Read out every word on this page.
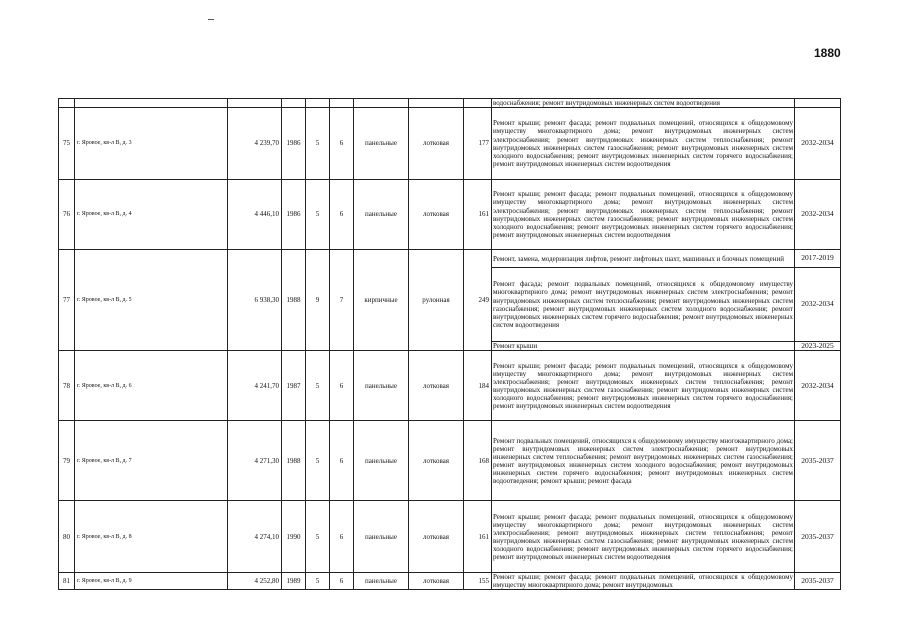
1880
									водоснабжения; ремонт внутридомовых инженерных систем водоотведения	
75	г. Яровое, кв-л В, д. 3	4 239,70	1986	5	6	панельные	лотковая	177	Ремонт крыши; ремонт фасада; ремонт подвальных помещений, относящихся к общедомовому имуществу многоквартирного дома; ремонт внутридомовых инженерных систем электроснабжения; ремонт внутридомовых инженерных систем теплоснабжения; ремонт внутридомовых инженерных систем газоснабжения; ремонт внутридомовых инженерных систем холодного водоснабжения; ремонт внутридомовых инженерных систем горячего водоснабжения; ремонт внутридомовых инженерных систем водоотведения	2032-2034
76	г. Яровое, кв-л В, д. 4	4 446,10	1986	5	6	панельные	лотковая	161	Ремонт крыши; ремонт фасада; ремонт подвальных помещений, относящихся к общедомовому имуществу многоквартирного дома; ремонт внутридомовых инженерных систем электроснабжения; ремонт внутридомовых инженерных систем теплоснабжения; ремонт внутридомовых инженерных систем газоснабжения; ремонт внутридомовых инженерных систем холодного водоснабжения; ремонт внутридомовых инженерных систем горячего водоснабжения; ремонт внутридомовых инженерных систем водоотведения	2032-2034
77	г. Яровое, кв-л В, д. 5	6 938,30	1988	9	7	кирпичные	рулонная	249	Ремонт, замена, модернизация лифтов, ремонт лифтовых шахт, машинных и блочных помещений	2017-2019
									Ремонт фасада; ремонт подвальных помещений, относящихся к общедомовому имуществу многоквартирного дома; ремонт внутридомовых инженерных систем электроснабжения; ремонт внутридомовых инженерных систем теплоснабжения; ремонт внутридомовых инженерных систем газоснабжения; ремонт внутридомовых инженерных систем холодного водоснабжения; ремонт внутридомовых инженерных систем горячего водоснабжения; ремонт внутридомовых инженерных систем водоотведения	2032-2034
									Ремонт крыши	2023-2025
78	г. Яровое, кв-л В, д. 6	4 241,70	1987	5	6	панельные	лотковая	184	Ремонт крыши; ремонт фасада; ремонт подвальных помещений, относящихся к общедомовому имуществу многоквартирного дома; ремонт внутридомовых инженерных систем электроснабжения; ремонт внутридомовых инженерных систем теплоснабжения; ремонт внутридомовых инженерных систем газоснабжения; ремонт внутридомовых инженерных систем холодного водоснабжения; ремонт внутридомовых инженерных систем горячего водоснабжения; ремонт внутридомовых инженерных систем водоотведения	2032-2034
79	г. Яровое, кв-л В, д. 7	4 271,30	1988	5	6	панельные	лотковая	168	Ремонт подвальных помещений, относящихся к общедомовому имуществу многоквартирного дома; ремонт внутридомовых инженерных систем электроснабжения; ремонт внутридомовых инженерных систем теплоснабжения; ремонт внутридомовых инженерных систем газоснабжения; ремонт внутридомовых инженерных систем холодного водоснабжения; ремонт внутридомовых инженерных систем горячего водоснабжения; ремонт внутридомовых инженерных систем водоотведения; ремонт крыши; ремонт фасада	2035-2037
80	г. Яровое, кв-л В, д. 8	4 274,10	1990	5	6	панельные	лотковая	161	Ремонт крыши; ремонт фасада; ремонт подвальных помещений, относящихся к общедомовому имуществу многоквартирного дома; ремонт внутридомовых инженерных систем электроснабжения; ремонт внутридомовых инженерных систем теплоснабжения; ремонт внутридомовых инженерных систем газоснабжения; ремонт внутридомовых инженерных систем холодного водоснабжения; ремонт внутридомовых инженерных систем горячего водоснабжения; ремонт внутридомовых инженерных систем водоотведения	2035-2037
81	г. Яровое, кв-л В, д. 9	4 252,80	1989	5	6	панельные	лотковая	155	Ремонт крыши; ремонт фасада; ремонт подвальных помещений, относящихся к общедомовому имуществу многоквартирного дома; ремонт внутридомовых	2035-2037
